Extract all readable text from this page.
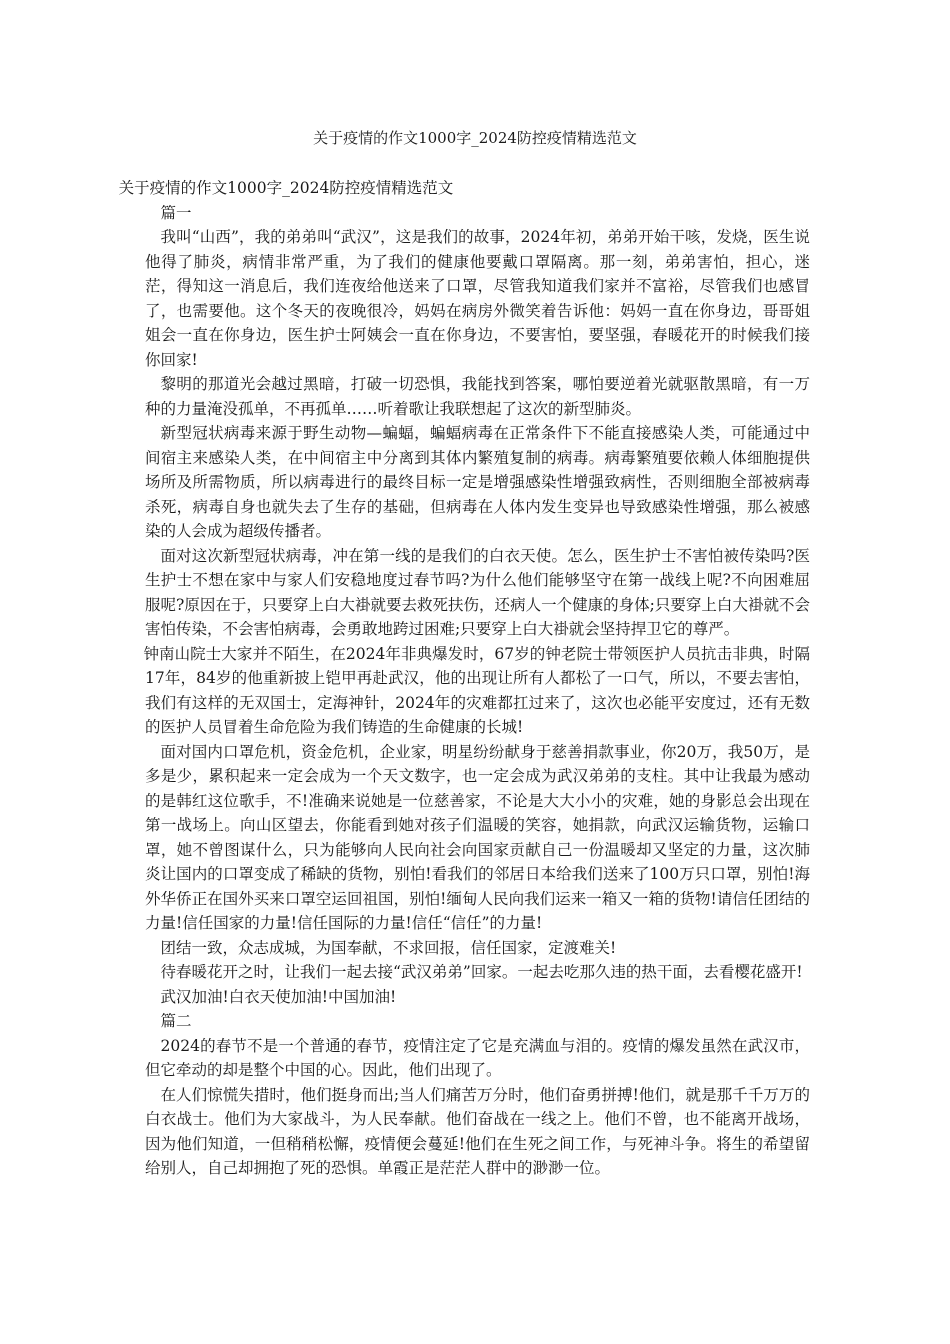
关于疫情的作文1000字_2024防控疫情精选范文

关于疫情的作文1000字_2024防控疫情精选范文

篇一

我叫“山西”，我的弟弟叫“武汉”，这是我们的故事，2024年初，弟弟开始干咳，发烧，医生说他得了肺炎，病情非常严重，为了我们的健康他要戴口罩隔离。那一刻，弟弟害怕，担心，迷茫，得知这一消息后，我们连夜给他送来了口罩，尽管我知道我们家并不富裕，尽管我们也感冒了，也需要他。这个冬天的夜晚很冷，妈妈在病房外微笑着告诉他：妈妈一直在你身边，哥哥姐姐会一直在你身边，医生护士阿姨会一直在你身边，不要害怕，要坚强，春暖花开的时候我们接你回家!

黎明的那道光会越过黑暗，打破一切恐惧，我能找到答案，哪怕要逆着光就驱散黑暗，有一万种的力量淹没孤单，不再孤单……听着歌让我联想起了这次的新型肺炎。

新型冠状病毒来源于野生动物—蝙蝠，蝙蝠病毒在正常条件下不能直接感染人类，可能通过中间宿主来感染人类，在中间宿主中分离到其体内繁殖复制的病毒。病毒繁殖要依赖人体细胞提供场所及所需物质，所以病毒进行的最终目标一定是增强感染性增强致病性，否则细胞全部被病毒杀死，病毒自身也就失去了生存的基础，但病毒在人体内发生变异也导致感染性增强，那么被感染的人会成为超级传播者。

面对这次新型冠状病毒，冲在第一线的是我们的白衣天使。怎么，医生护士不害怕被传染吗?医生护士不想在家中与家人们安稳地度过春节吗?为什么他们能够坚守在第一战线上呢?不向困难屈服呢?原因在于，只要穿上白大褂就要去救死扶伤，还病人一个健康的身体;只要穿上白大褂就不会害怕传染，不会害怕病毒，会勇敢地跨过困难;只要穿上白大褂就会坚持捍卫它的尊严。

钟南山院士大家并不陌生，在2024年非典爆发时，67岁的钟老院士带领医护人员抗击非典，时隔17年，84岁的他重新披上铠甲再赴武汉，他的出现让所有人都松了一口气，所以，不要去害怕，我们有这样的无双国士，定海神针，2024年的灾难都扛过来了，这次也必能平安度过，还有无数的医护人员冒着生命危险为我们铸造的生命健康的长城!

面对国内口罩危机，资金危机，企业家，明星纷纷献身于慈善捐款事业，你20万，我50万，是多是少，累积起来一定会成为一个天文数字，也一定会成为武汉弟弟的支柱。其中让我最为感动的是韩红这位歌手，不!准确来说她是一位慈善家，不论是大大小小的灾难，她的身影总会出现在第一战场上。向山区望去，你能看到她对孩子们温暖的笑容，她捐款，向武汉运输货物，运输口罩，她不曾图谋什么，只为能够向人民向社会向国家贡献自己一份温暖却又坚定的力量，这次肺炎让国内的口罩变成了稀缺的货物，别怕!看我们的邻居日本给我们送来了100万只口罩，别怕!海外华侨正在国外买来口罩空运回祖国，别怕!缅甸人民向我们运来一箱又一箱的货物!请信任团结的力量!信任国家的力量!信任国际的力量!信任“信任”的力量!

团结一致，众志成城，为国奉献，不求回报，信任国家，定渡难关!

待春暖花开之时，让我们一起去接“武汉弟弟”回家。一起去吃那久违的热干面，去看樱花盛开!

武汉加油!白衣天使加油!中国加油!

篇二

2024的春节不是一个普通的春节，疫情注定了它是充满血与泪的。疫情的爆发虽然在武汉市，但它牵动的却是整个中国的心。因此，他们出现了。

在人们惊慌失措时，他们挺身而出;当人们痛苦万分时，他们奋勇拼搏!他们，就是那千千万万的白衣战士。他们为大家战斗，为人民奉献。他们奋战在一线之上。他们不曾，也不能离开战场，因为他们知道，一但稍稍松懈，疫情便会蔓延!他们在生死之间工作，与死神斗争。将生的希望留给别人，自己却拥抱了死的恐惧。单霞正是茫茫人群中的渺渺一位。
